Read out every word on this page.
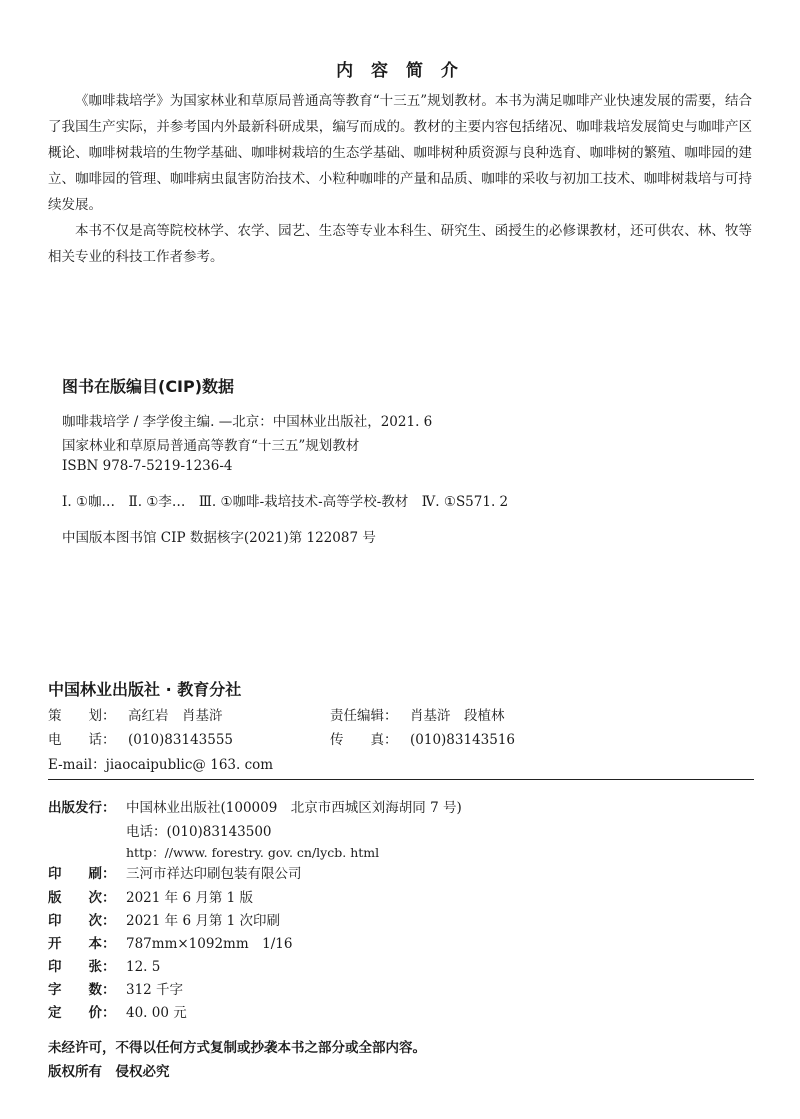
内 容 简 介

《咖啡栽培学》为国家林业和草原局普通高等教育“十三五”规划教材。本书为满足咖啡产业快速发展的需要，结合了我国生产实际，并参考国内外最新科研成果，编写而成的。教材的主要内容包括绪况、咖啡栽培发展简史与咖啡产区概论、咖啡树栽培的生物学基础、咖啡树栽培的生态学基础、咖啡树种质资源与良种选育、咖啡树的繁殖、咖啡园的建立、咖啡园的管理、咖啡病虫鼠害防治技术、小粒种咖啡的产量和品质、咖啡的采收与初加工技术、咖啡树栽培与可持续发展。

本书不仅是高等院校林学、农学、园艺、生态等专业本科生、研究生、函授生的必修课教材，还可供农、林、牧等相关专业的科技工作者参考。

图书在版编目(CIP)数据
咖啡栽培学 / 李学俊主编. —北京：中国林业出版社，2021. 6
国家林业和草原局普通高等教育“十三五”规划教材
ISBN 978-7-5219-1236-4
Ⅰ. ①咖…　Ⅱ. ①李…　Ⅲ. ①咖啡-栽培技术-高等学校-教材　Ⅳ. ①S571. 2
中国版本图书馆 CIP 数据核字(2021)第 122087 号
中国林业出版社 · 教育分社
策　　划： 高红岩　肖基浒	责任编辑： 肖基浒　段植林
电　　话： (010)83143555	传　　真： (010)83143516
E-mail：jiaocaipublic@ 163. com
出版发行： 中国林业出版社(100009　北京市西城区刘海胡同 7 号)
电话：(010)83143500
http：//www. forestry. gov. cn/lycb. html
印　　刷： 三河市祥达印刷包装有限公司
版　　次： 2021 年 6 月第 1 版
印　　次： 2021 年 6 月第 1 次印刷
开　　本： 787mm×1092mm　1/16
印　　张： 12. 5
字　　数： 312 千字
定　　价： 40. 00 元
未经许可，不得以任何方式复制或抄袭本书之部分或全部内容。
版权所有　侵权必究
